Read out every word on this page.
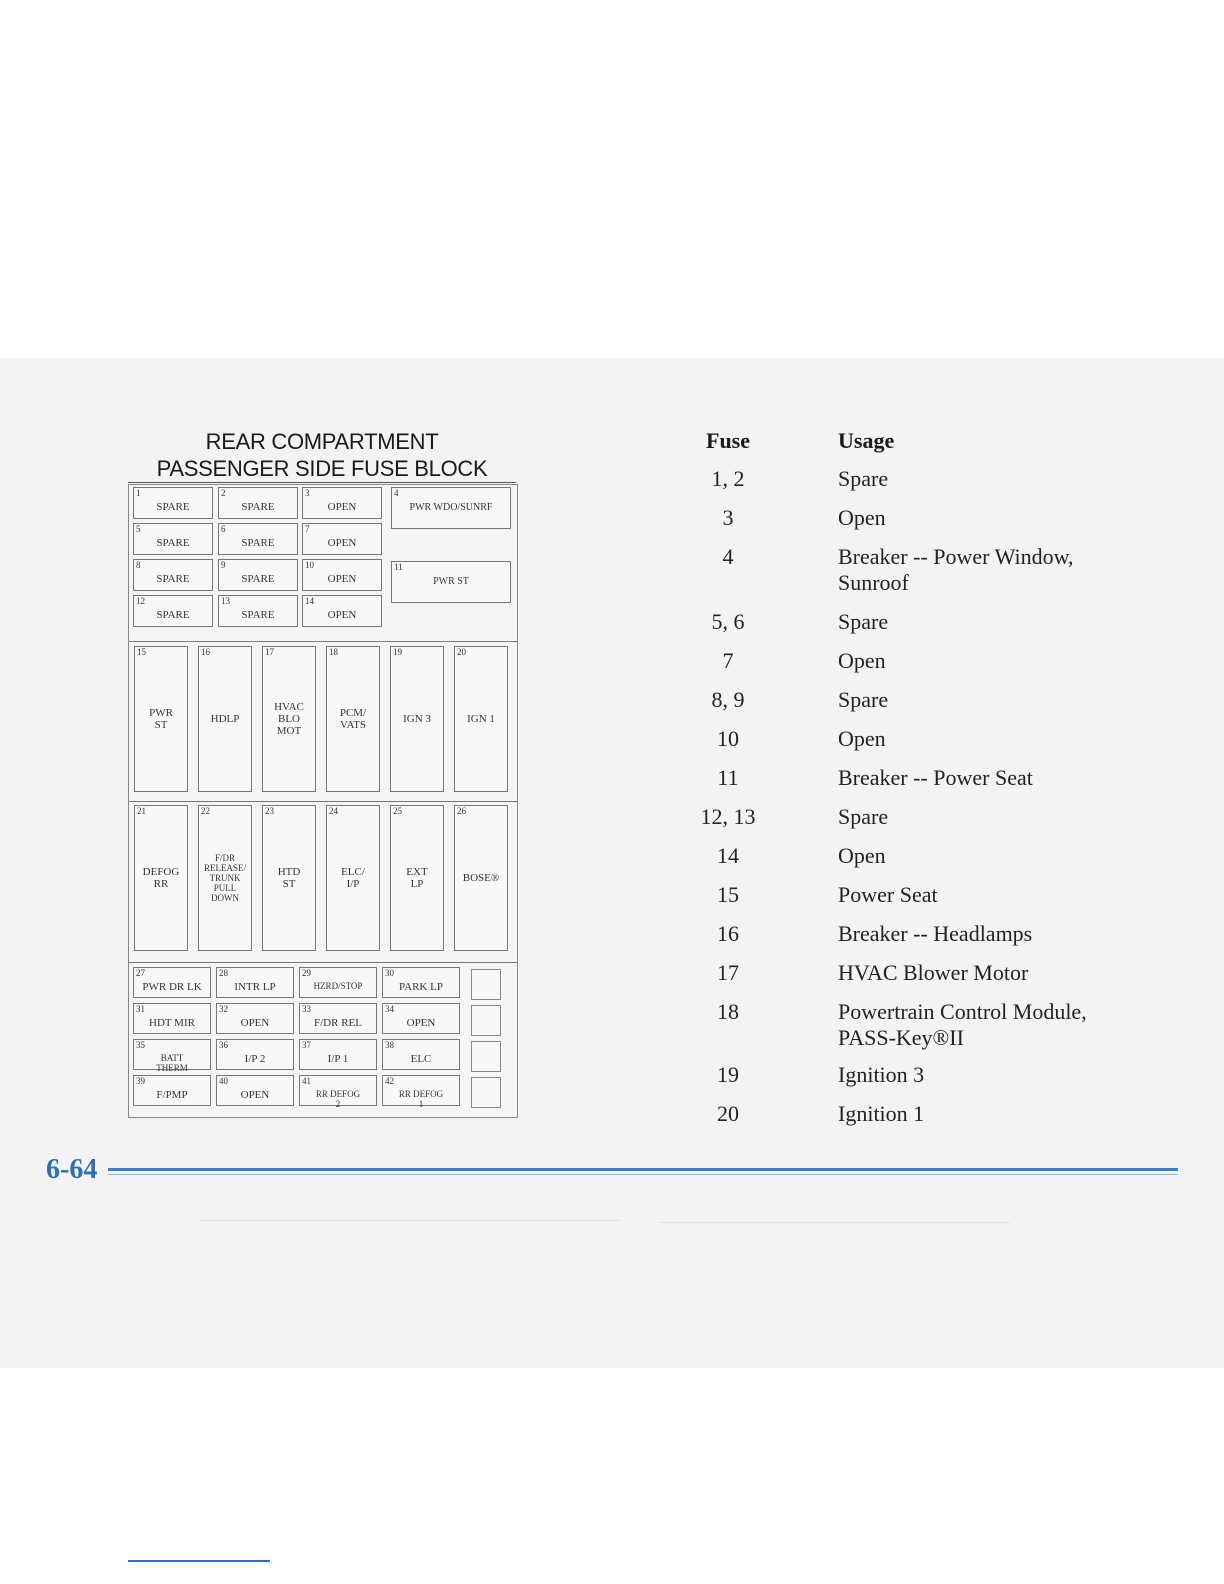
REAR COMPARTMENT
PASSENGER SIDE FUSE BLOCK
1
SPARE
2
SPARE
3
OPEN
4
PWR WDO/SUNRF
5
SPARE
6
SPARE
7
OPEN
8
SPARE
9
SPARE
10
OPEN
11
PWR ST
12
SPARE
13
SPARE
14
OPEN
15
PWR
ST
16
HDLP
17
HVAC
BLO
MOT
18
PCM/
VATS
19
IGN 3
20
IGN 1
21
DEFOG
RR
22
F/DR
RELEASE/
TRUNK
PULL
DOWN
23
HTD
ST
24
ELC/
I/P
25
EXT
LP
26
BOSE®
27
PWR DR LK
28
INTR LP
29
HZRD/STOP
30
PARK LP
31
HDT MIR
32
OPEN
33
F/DR REL
34
OPEN
35
BATT
THERM
36
I/P 2
37
I/P 1
38
ELC
39
F/PMP
40
OPEN
41
RR DEFOG
2
42
RR DEFOG
1
Fuse	Usage
1, 2	Spare
3	Open
4	Breaker -- Power Window, Sunroof
5, 6	Spare
7	Open
8, 9	Spare
10	Open
11	Breaker -- Power Seat
12, 13	Spare
14	Open
15	Power Seat
16	Breaker -- Headlamps
17	HVAC Blower Motor
18	Powertrain Control Module, PASS-Key®II
19	Ignition 3
20	Ignition 1
6-64
